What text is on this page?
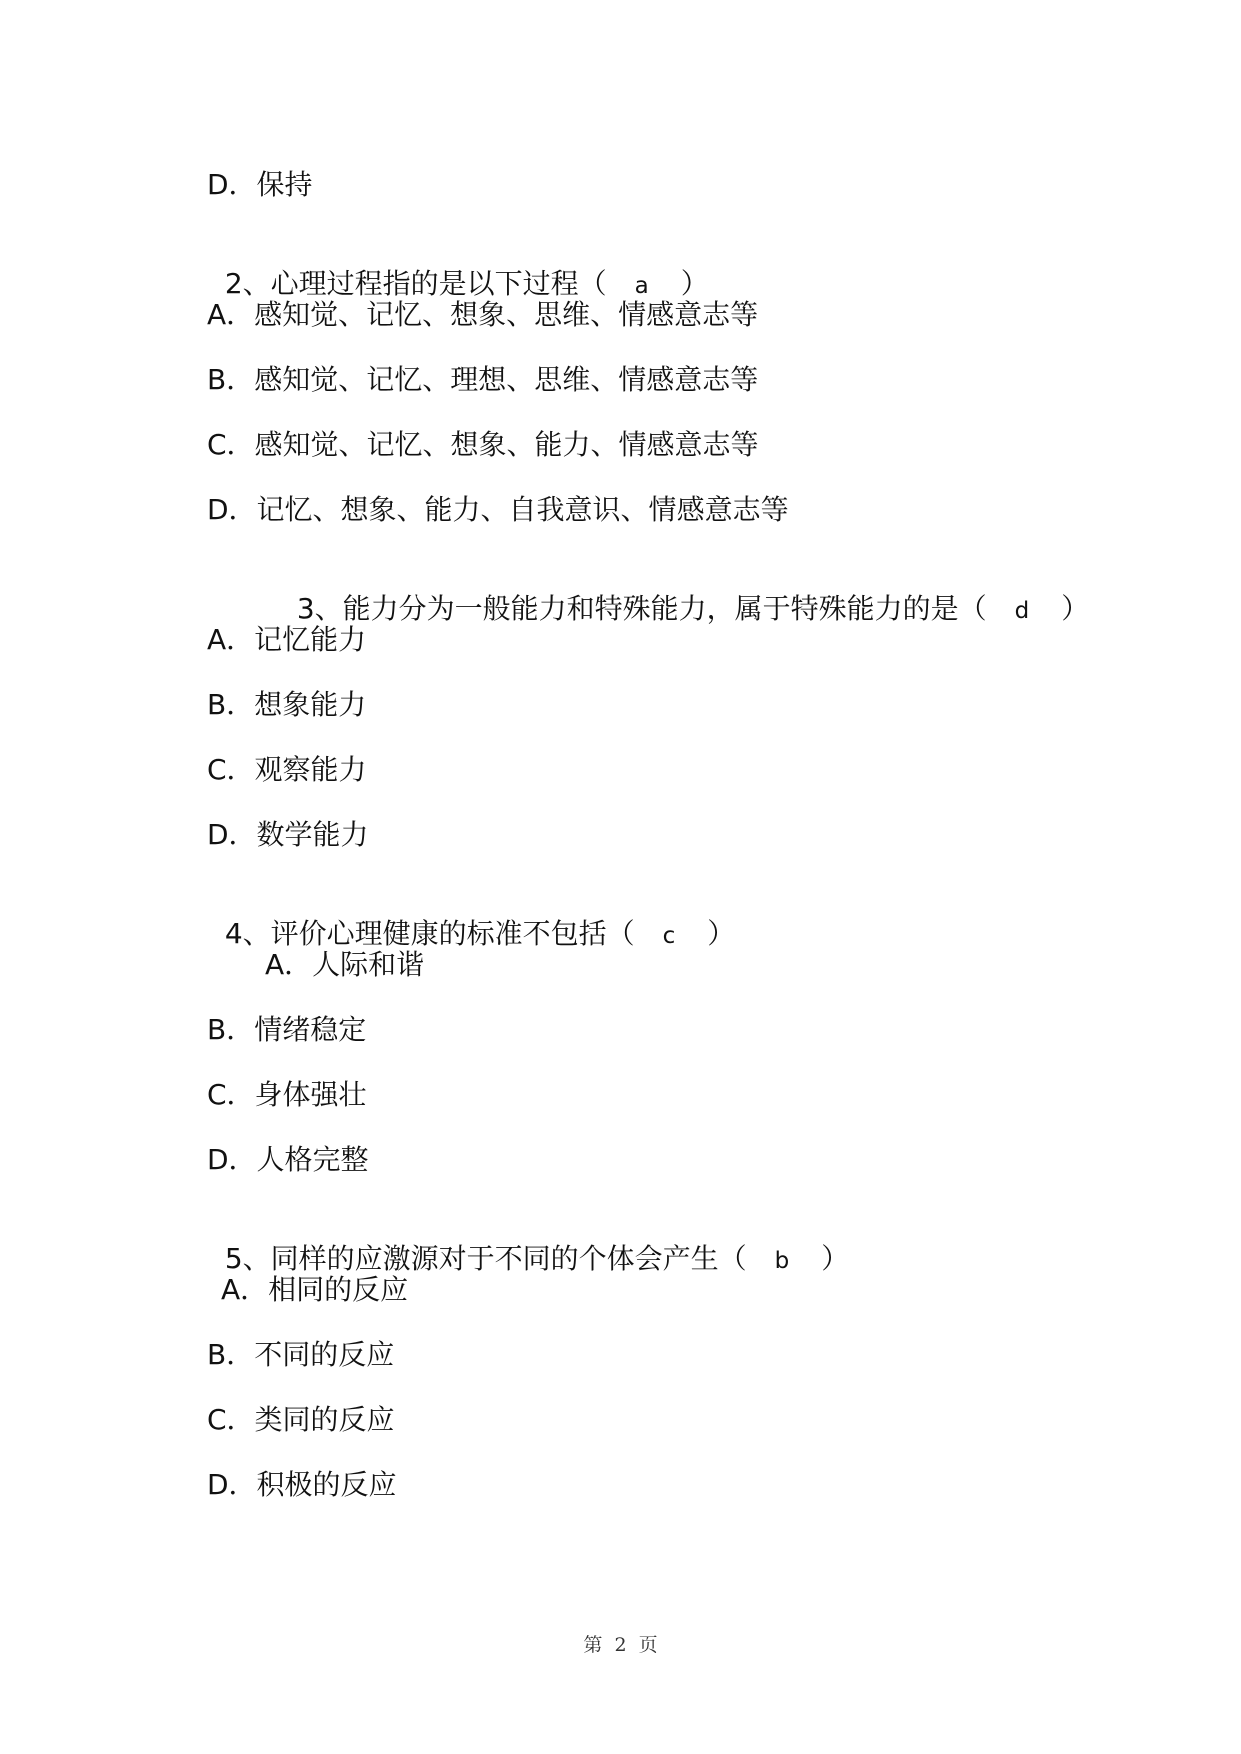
D．保持

2、心理过程指的是以下过程（ a ）

A．感知觉、记忆、想象、思维、情感意志等
B．感知觉、记忆、理想、思维、情感意志等
C．感知觉、记忆、想象、能力、情感意志等
D．记忆、想象、能力、自我意识、情感意志等

3、能力分为一般能力和特殊能力，属于特殊能力的是（ d ）

A．记忆能力
B．想象能力
C．观察能力
D．数学能力

4、评价心理健康的标准不包括（ c ）

A．人际和谐
B．情绪稳定
C．身体强壮
D．人格完整

5、同样的应激源对于不同的个体会产生（ b ）

A．相同的反应
B．不同的反应
C．类同的反应
D．积极的反应
第 2 页
